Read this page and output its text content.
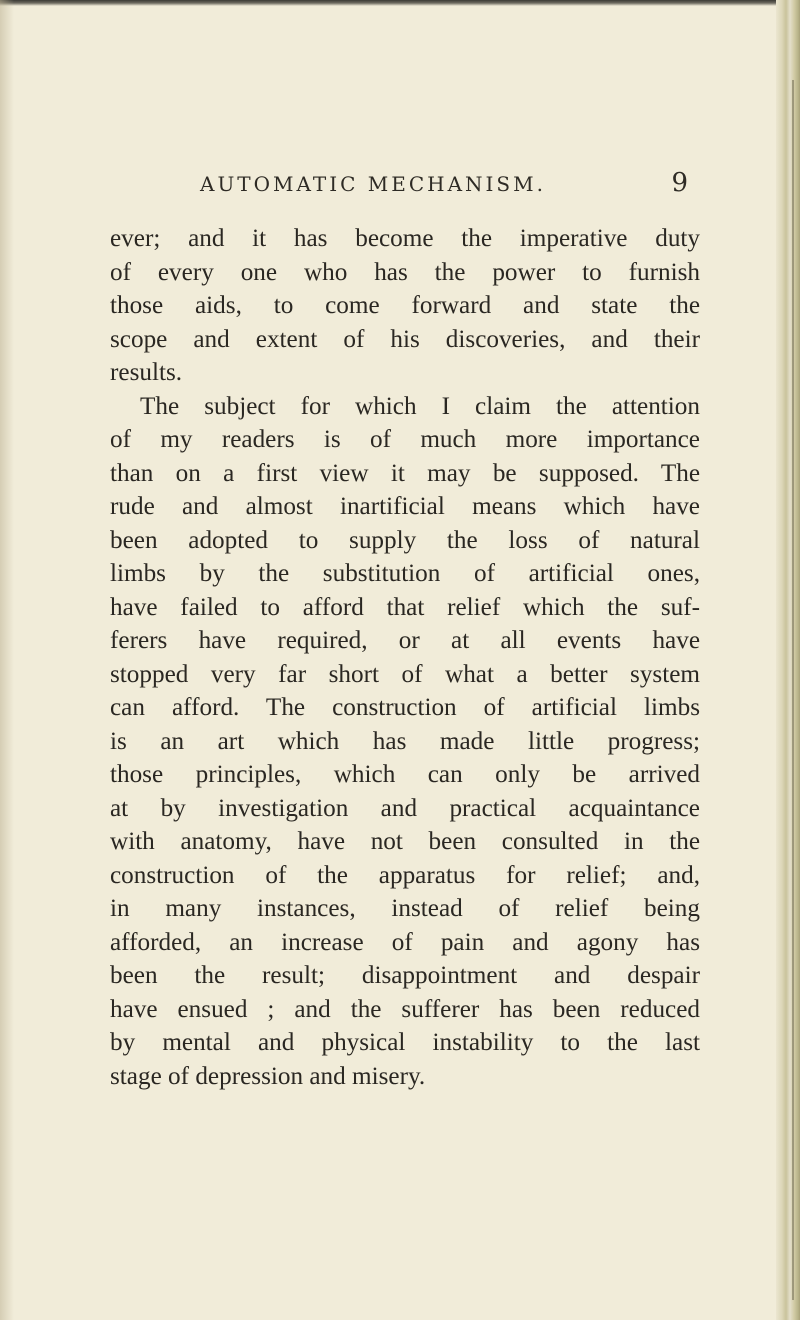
AUTOMATIC MECHANISM.	9
ever; and it has become the imperative duty
of every one who has the power to furnish
those aids, to come forward and state the
scope and extent of his discoveries, and their
results.
The subject for which I claim the attention
of my readers is of much more importance
than on a first view it may be supposed. The
rude and almost inartificial means which have
been adopted to supply the loss of natural
limbs by the substitution of artificial ones,
have failed to afford that relief which the suf-
ferers have required, or at all events have
stopped very far short of what a better system
can afford. The construction of artificial limbs
is an art which has made little progress;
those principles, which can only be arrived
at by investigation and practical acquaintance
with anatomy, have not been consulted in the
construction of the apparatus for relief; and,
in many instances, instead of relief being
afforded, an increase of pain and agony has
been the result; disappointment and despair
have ensued ; and the sufferer has been reduced
by mental and physical instability to the last
stage of depression and misery.
